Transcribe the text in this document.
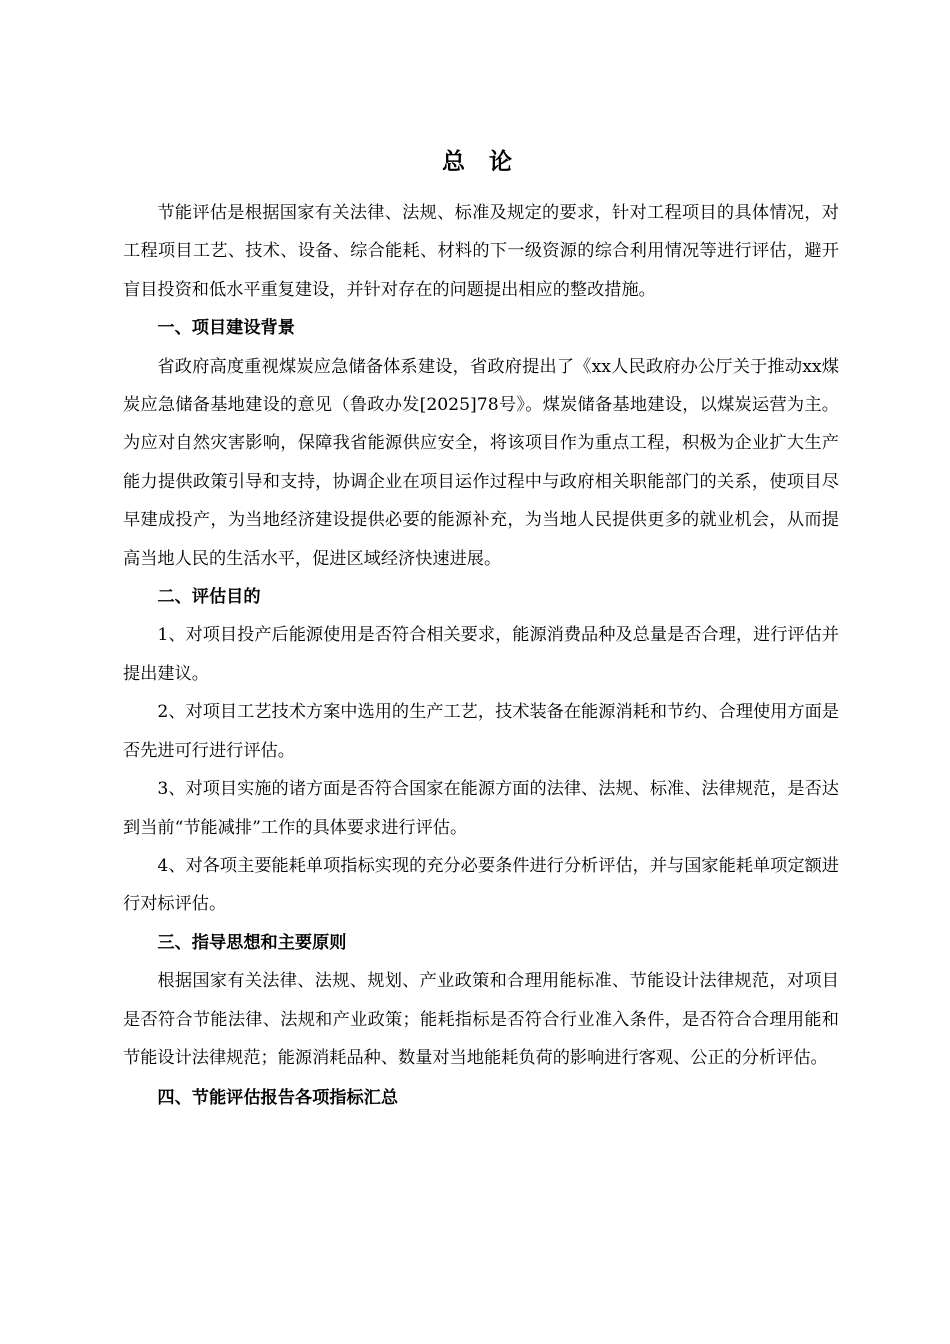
总 论

节能评估是根据国家有关法律、法规、标准及规定的要求，针对工程项目的具体情况，对工程项目工艺、技术、设备、综合能耗、材料的下一级资源的综合利用情况等进行评估，避开盲目投资和低水平重复建设，并针对存在的问题提出相应的整改措施。

一、项目建设背景

省政府高度重视煤炭应急储备体系建设，省政府提出了《xx人民政府办公厅关于推动xx煤炭应急储备基地建设的意见（鲁政办发[2025]78号》。煤炭储备基地建设，以煤炭运营为主。为应对自然灾害影响，保障我省能源供应安全，将该项目作为重点工程，积极为企业扩大生产能力提供政策引导和支持，协调企业在项目运作过程中与政府相关职能部门的关系，使项目尽早建成投产，为当地经济建设提供必要的能源补充，为当地人民提供更多的就业机会，从而提高当地人民的生活水平，促进区域经济快速进展。

二、评估目的

1、对项目投产后能源使用是否符合相关要求，能源消费品种及总量是否合理，进行评估并提出建议。

2、对项目工艺技术方案中选用的生产工艺，技术装备在能源消耗和节约、合理使用方面是否先进可行进行评估。

3、对项目实施的诸方面是否符合国家在能源方面的法律、法规、标准、法律规范，是否达到当前“节能减排”工作的具体要求进行评估。

4、对各项主要能耗单项指标实现的充分必要条件进行分析评估，并与国家能耗单项定额进行对标评估。

三、指导思想和主要原则

根据国家有关法律、法规、规划、产业政策和合理用能标准、节能设计法律规范，对项目是否符合节能法律、法规和产业政策；能耗指标是否符合行业准入条件，是否符合合理用能和节能设计法律规范；能源消耗品种、数量对当地能耗负荷的影响进行客观、公正的分析评估。

四、节能评估报告各项指标汇总
